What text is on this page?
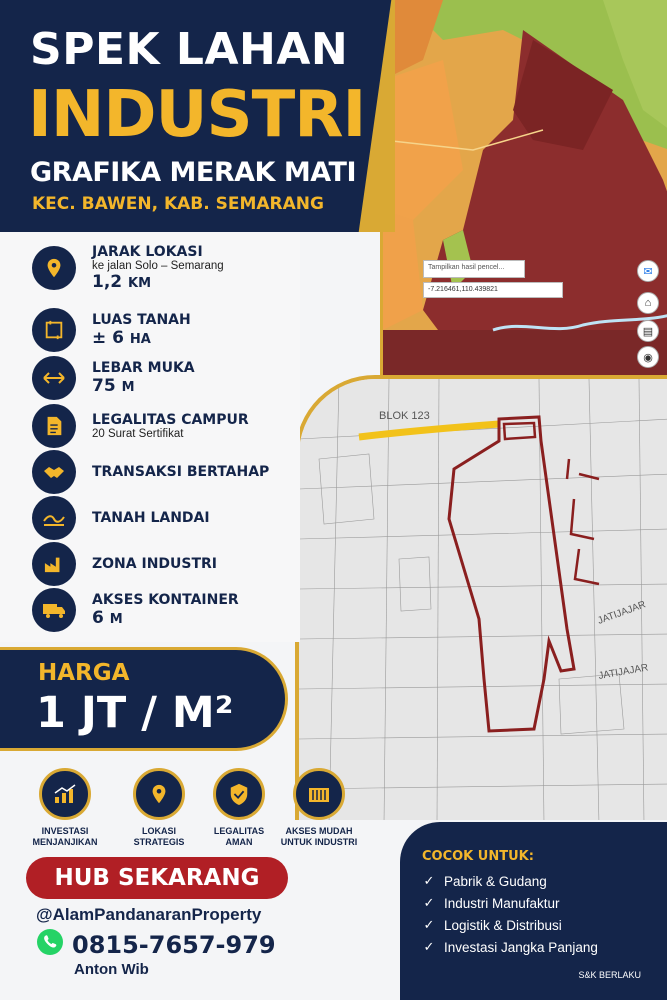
Tampilkan hasil pencel...
-7.216461,110.439821
✉
⌂
▤
◉
SPEK LAHAN
INDUSTRI
GRAFIKA MERAK MATI
KEC. BAWEN, KAB. SEMARANG
BLOK 123
JATIJAJAR
JATIJAJAR
JARAK LOKASI
ke jalan Solo – Semarang
1,2 KM
LUAS TANAH
± 6 HA
LEBAR MUKA
75 M
LEGALITAS CAMPUR
20 Surat Sertifikat
TRANSAKSI BERTAHAP
TANAH LANDAI
ZONA INDUSTRI
AKSES KONTAINER
6 M
HARGA
1 JT / M²
INVESTASI
MENJANJIKAN
LOKASI
STRATEGIS
LEGALITAS
AMAN
AKSES MUDAH
UNTUK INDUSTRI
HUB SEKARANG
@AlamPandanaranProperty
0815-7657-979
Anton Wib
COCOK UNTUK:
✓ Pabrik & Gudang
✓ Industri Manufaktur
✓ Logistik & Distribusi
✓ Investasi Jangka Panjang
S&K BERLAKU
